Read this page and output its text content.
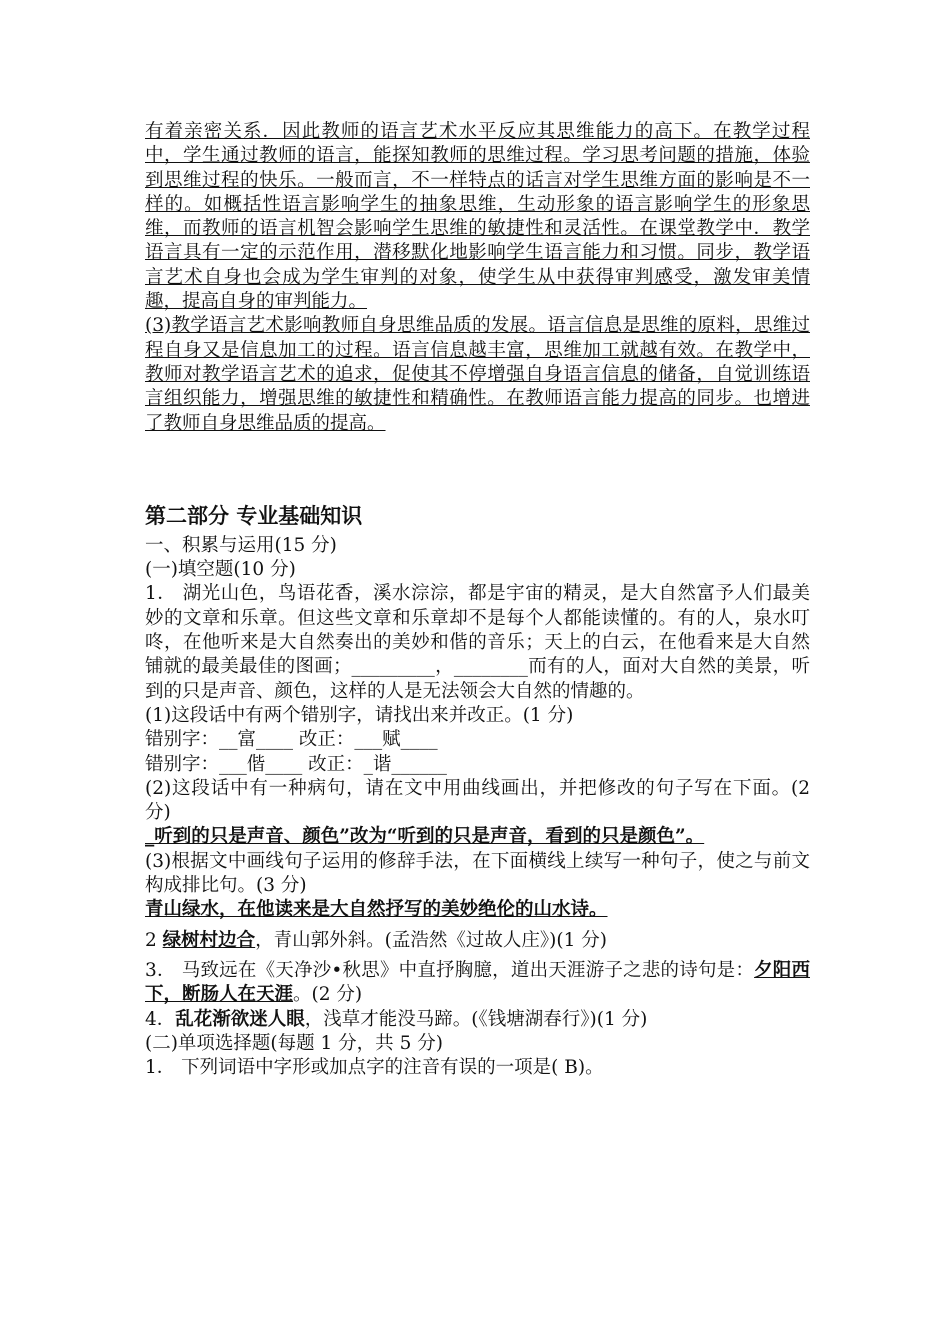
有着亲密关系．因此教师的语言艺术水平反应其思维能力的高下。在教学过程中，学生通过教师的语言，能探知教师的思维过程。学习思考问题的措施，体验到思维过程的快乐。一般而言，不一样特点的话言对学生思维方面的影响是不一样的。如概括性语言影响学生的抽象思维，生动形象的语言影响学生的形象思维，而教师的语言机智会影响学生思维的敏捷性和灵活性。在课堂教学中．教学语言具有一定的示范作用，潜移默化地影响学生语言能力和习惯。同步，教学语言艺术自身也会成为学生审判的对象，使学生从中获得审判感受，激发审美情趣，提高自身的审判能力。

(3)教学语言艺术影响教师自身思维品质的发展。语言信息是思维的原料，思维过程自身又是信息加工的过程。语言信息越丰富，思维加工就越有效。在教学中，教师对教学语言艺术的追求，促使其不停增强自身语言信息的储备，自觉训练语言组织能力，增强思维的敏捷性和精确性。在教师语言能力提高的同步。也增进了教师自身思维品质的提高。

第二部分 专业基础知识

一、积累与运用(15 分)

(一)填空题(10 分)

1． 湖光山色，鸟语花香，溪水淙淙，都是宇宙的精灵，是大自然富予人们最美妙的文章和乐章。但这些文章和乐章却不是每个人都能读懂的。有的人，泉水叮咚，在他听来是大自然奏出的美妙和偕的音乐；天上的白云，在他看来是大自然铺就的最美最佳的图画；_________，________而有的人，面对大自然的美景，听到的只是声音、颜色，这样的人是无法领会大自然的情趣的。

(1)这段话中有两个错别字，请找出来并改正。(1 分)

错别字：__富____ 改正：___赋____

错别字：___偕____ 改正：_谐______

(2)这段话中有一种病句，请在文中用曲线画出，并把修改的句子写在下面。(2 分)

_听到的只是声音、颜色”改为“听到的只是声音，看到的只是颜色”。

(3)根据文中画线句子运用的修辞手法，在下面横线上续写一种句子，使之与前文构成排比句。(3 分)

青山绿水，在他读来是大自然抒写的美妙绝伦的山水诗。

2 绿树村边合，青山郭外斜。(孟浩然《过故人庄》)(1 分)

3． 马致远在《天净沙•秋思》中直抒胸臆，道出天涯游子之悲的诗句是：夕阳西下，断肠人在天涯。(2 分)

4．乱花渐欲迷人眼，浅草才能没马蹄。(《钱塘湖春行》)(1 分)

(二)单项选择题(每题 1 分，共 5 分)

1． 下列词语中字形或加点字的注音有误的一项是( B)。
